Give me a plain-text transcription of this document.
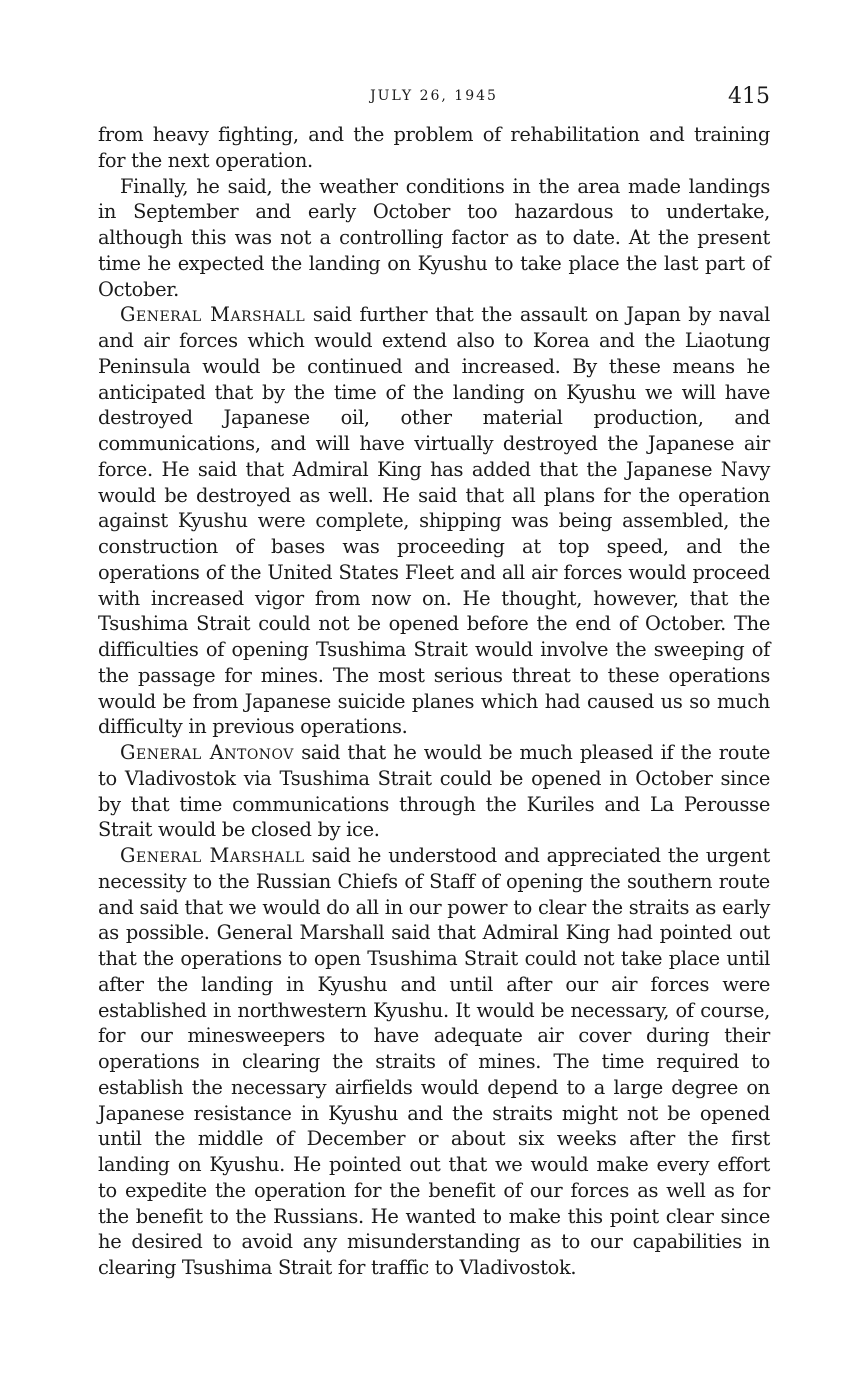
JULY 26, 1945	415

from heavy fighting, and the problem of rehabilitation and training for the next operation.

Finally, he said, the weather conditions in the area made landings in September and early October too hazardous to undertake, although this was not a controlling factor as to date. At the present time he expected the landing on Kyushu to take place the last part of October.

General Marshall said further that the assault on Japan by naval and air forces which would extend also to Korea and the Liaotung Peninsula would be continued and increased. By these means he anticipated that by the time of the landing on Kyushu we will have destroyed Japanese oil, other material production, and communications, and will have virtually destroyed the Japanese air force. He said that Admiral King has added that the Japanese Navy would be destroyed as well. He said that all plans for the operation against Kyushu were complete, shipping was being assembled, the construction of bases was proceeding at top speed, and the operations of the United States Fleet and all air forces would proceed with increased vigor from now on. He thought, however, that the Tsushima Strait could not be opened before the end of October. The difficulties of opening Tsushima Strait would involve the sweeping of the passage for mines. The most serious threat to these operations would be from Japanese suicide planes which had caused us so much difficulty in previous operations.

General Antonov said that he would be much pleased if the route to Vladivostok via Tsushima Strait could be opened in October since by that time communications through the Kuriles and La Perousse Strait would be closed by ice.

General Marshall said he understood and appreciated the urgent necessity to the Russian Chiefs of Staff of opening the southern route and said that we would do all in our power to clear the straits as early as possible. General Marshall said that Admiral King had pointed out that the operations to open Tsushima Strait could not take place until after the landing in Kyushu and until after our air forces were established in northwestern Kyushu. It would be necessary, of course, for our minesweepers to have adequate air cover during their operations in clearing the straits of mines. The time required to establish the necessary airfields would depend to a large degree on Japanese resistance in Kyushu and the straits might not be opened until the middle of December or about six weeks after the first landing on Kyushu. He pointed out that we would make every effort to expedite the operation for the benefit of our forces as well as for the benefit to the Russians. He wanted to make this point clear since he desired to avoid any misunderstanding as to our capabilities in clearing Tsushima Strait for traffic to Vladivostok.
